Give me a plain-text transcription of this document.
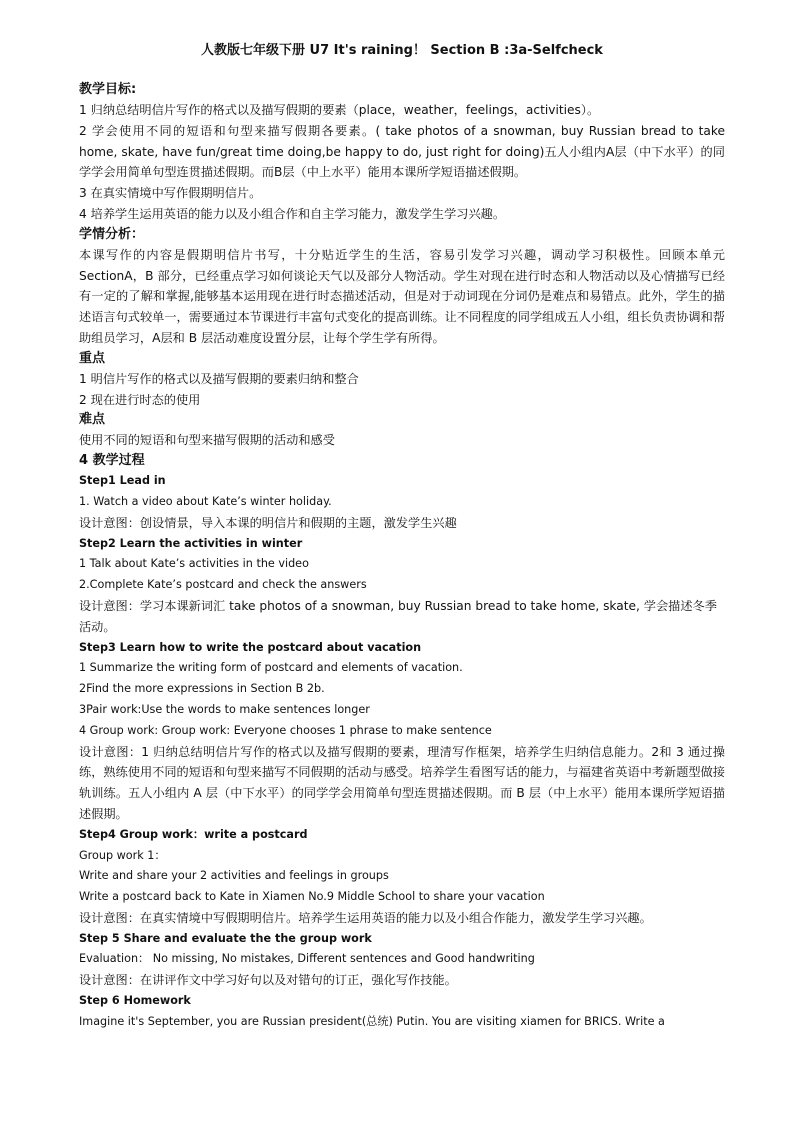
人教版七年级下册 U7 It's raining！ Section B :3a-Selfcheck

教学目标:

1 归纳总结明信片写作的格式以及描写假期的要素（place，weather，feelings，activities）。

2 学会使用不同的短语和句型来描写假期各要素。( take photos of a snowman, buy Russian bread to take home, skate, have fun/great time doing,be happy to do, just right for doing)五人小组内A层（中下水平）的同学学会用简单句型连贯描述假期。而B层（中上水平）能用本课所学短语描述假期。

3 在真实情境中写作假期明信片。

4 培养学生运用英语的能力以及小组合作和自主学习能力，激发学生学习兴趣。

学情分析：

本课写作的内容是假期明信片书写，十分贴近学生的生活，容易引发学习兴趣，调动学习积极性。回顾本单元 SectionA，B 部分，已经重点学习如何谈论天气以及部分人物活动。学生对现在进行时态和人物活动以及心情描写已经有一定的了解和掌握,能够基本运用现在进行时态描述活动，但是对于动词现在分词仍是难点和易错点。此外，学生的描述语言句式较单一，需要通过本节课进行丰富句式变化的提高训练。让不同程度的同学组成五人小组，组长负责协调和帮助组员学习，A层和 B 层活动难度设置分层，让每个学生学有所得。

重点

1 明信片写作的格式以及描写假期的要素归纳和整合

2 现在进行时态的使用

难点

使用不同的短语和句型来描写假期的活动和感受

4 教学过程

Step1 Lead in

1. Watch a video about Kate’s winter holiday.

设计意图：创设情景，导入本课的明信片和假期的主题，激发学生兴趣

Step2 Learn the activities in winter

1 Talk about Kate’s activities in the video

2.Complete Kate’s postcard and check the answers

设计意图：学习本课新词汇 take photos of a snowman, buy Russian bread to take home, skate, 学会描述冬季活动。

Step3 Learn how to write the postcard about vacation

1 Summarize the writing form of postcard and elements of vacation.

2Find the more expressions in Section B 2b.

3Pair work:Use the words to make sentences longer

4 Group work: Group work: Everyone chooses 1 phrase to make sentence

设计意图：1 归纳总结明信片写作的格式以及描写假期的要素，理清写作框架，培养学生归纳信息能力。2和 3 通过操练，熟练使用不同的短语和句型来描写不同假期的活动与感受。培养学生看图写话的能力，与福建省英语中考新题型做接轨训练。五人小组内 A 层（中下水平）的同学学会用简单句型连贯描述假期。而 B 层（中上水平）能用本课所学短语描述假期。

Step4 Group work：write a postcard

Group work 1：

Write and share your 2 activities and feelings in groups

Write a postcard back to Kate in Xiamen No.9 Middle School to share your vacation

设计意图：在真实情境中写假期明信片。培养学生运用英语的能力以及小组合作能力，激发学生学习兴趣。

Step 5 Share and evaluate the the group work

Evaluation： No missing, No mistakes, Different sentences and Good handwriting

设计意图：在讲评作文中学习好句以及对错句的订正，强化写作技能。

Step 6 Homework

Imagine it's September, you are Russian president(总统) Putin. You are visiting xiamen for BRICS. Write a
